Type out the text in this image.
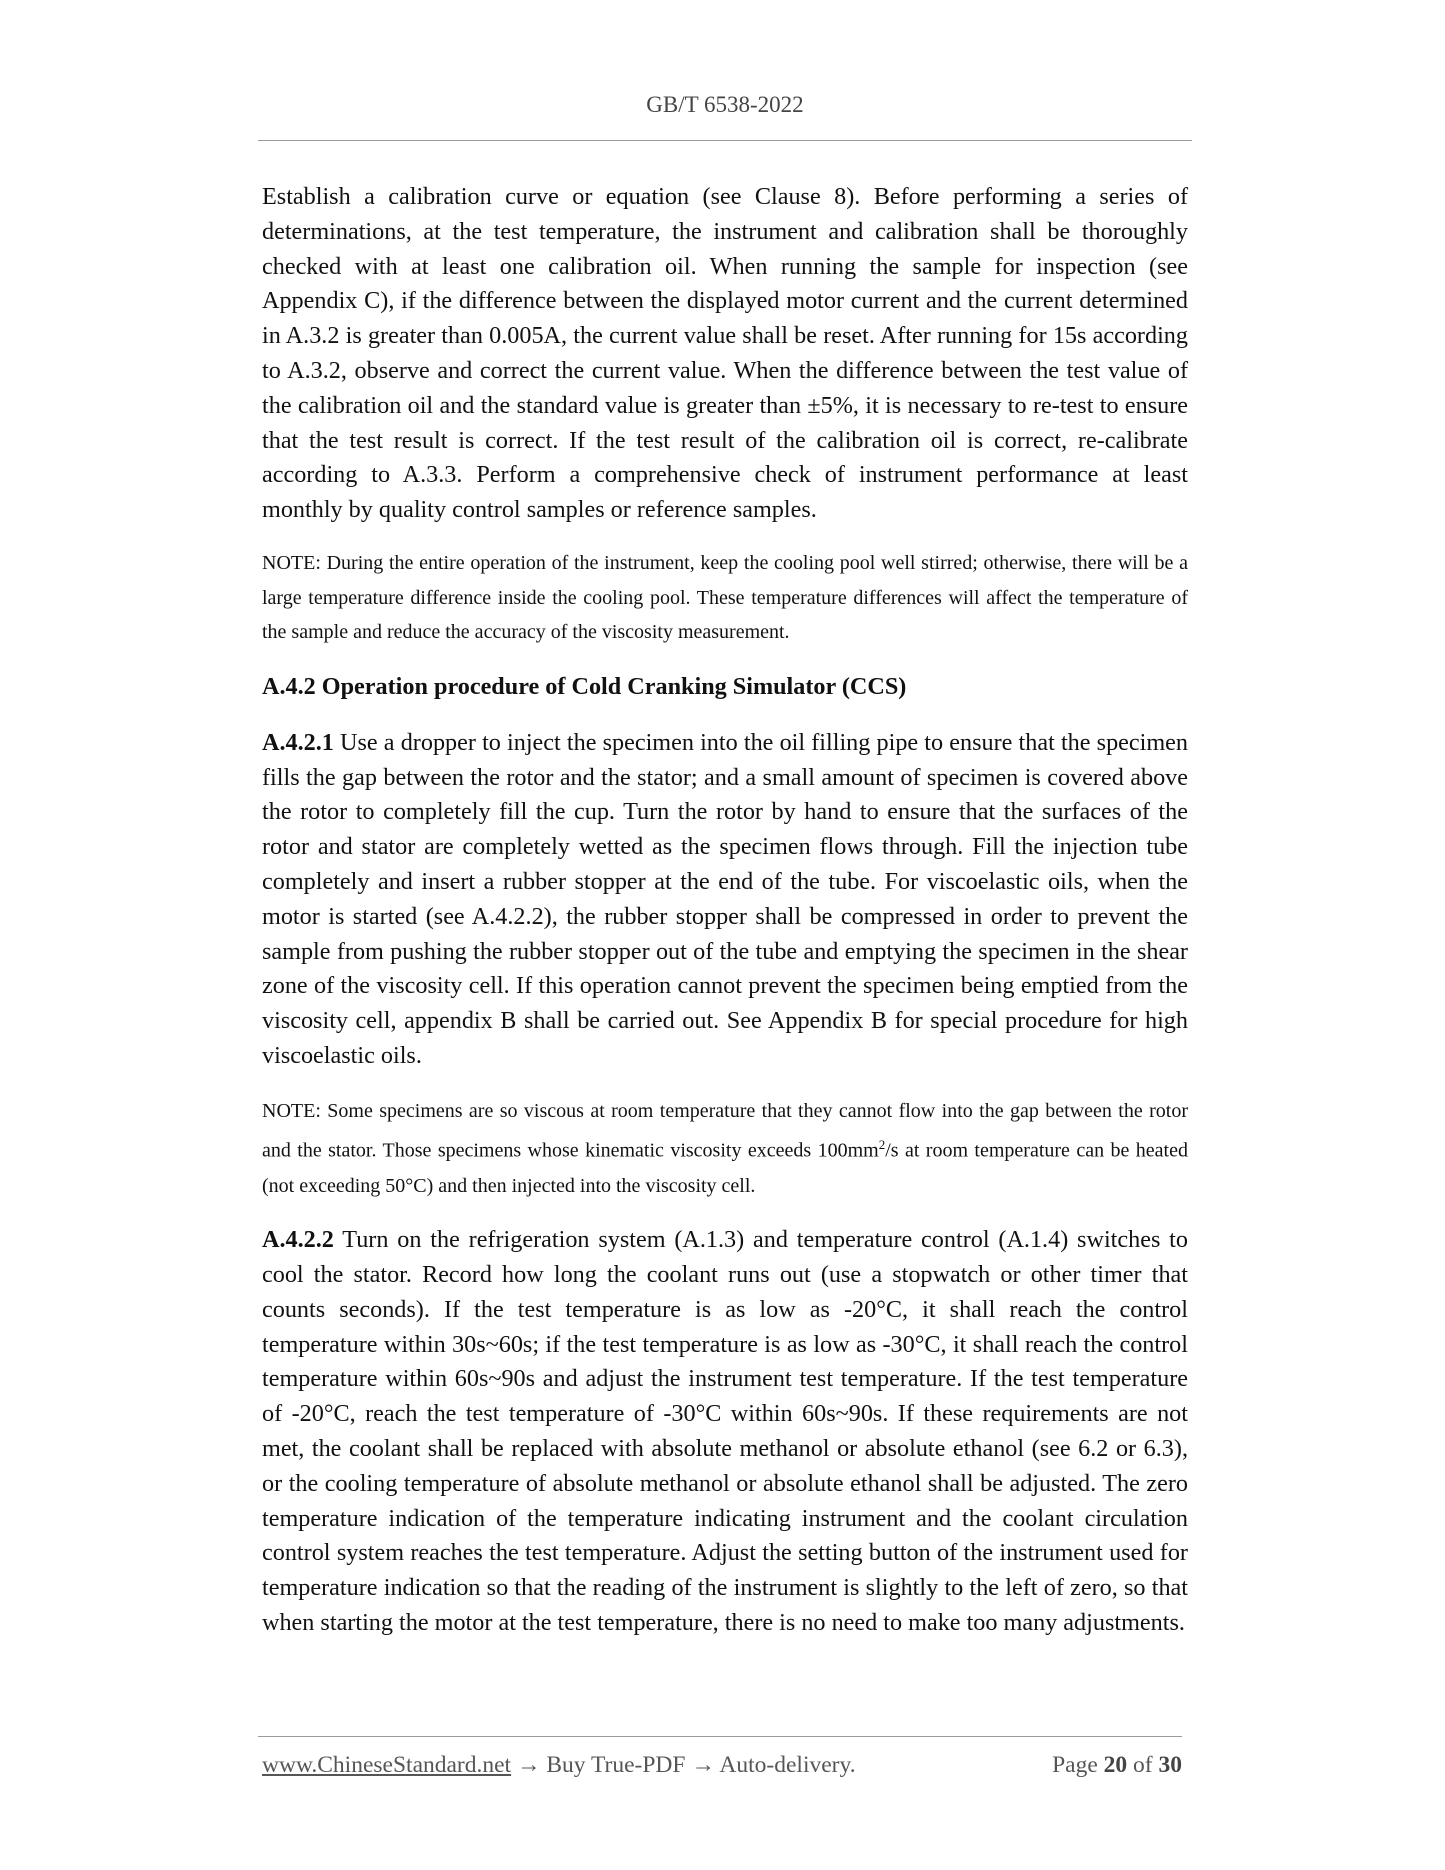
GB/T 6538-2022

Establish a calibration curve or equation (see Clause 8). Before performing a series of determinations, at the test temperature, the instrument and calibration shall be thoroughly checked with at least one calibration oil. When running the sample for inspection (see Appendix C), if the difference between the displayed motor current and the current determined in A.3.2 is greater than 0.005A, the current value shall be reset. After running for 15s according to A.3.2, observe and correct the current value. When the difference between the test value of the calibration oil and the standard value is greater than ±5%, it is necessary to re-test to ensure that the test result is correct. If the test result of the calibration oil is correct, re-calibrate according to A.3.3. Perform a comprehensive check of instrument performance at least monthly by quality control samples or reference samples.

NOTE: During the entire operation of the instrument, keep the cooling pool well stirred; otherwise, there will be a large temperature difference inside the cooling pool. These temperature differences will affect the temperature of the sample and reduce the accuracy of the viscosity measurement.

A.4.2 Operation procedure of Cold Cranking Simulator (CCS)

A.4.2.1 Use a dropper to inject the specimen into the oil filling pipe to ensure that the specimen fills the gap between the rotor and the stator; and a small amount of specimen is covered above the rotor to completely fill the cup. Turn the rotor by hand to ensure that the surfaces of the rotor and stator are completely wetted as the specimen flows through. Fill the injection tube completely and insert a rubber stopper at the end of the tube. For viscoelastic oils, when the motor is started (see A.4.2.2), the rubber stopper shall be compressed in order to prevent the sample from pushing the rubber stopper out of the tube and emptying the specimen in the shear zone of the viscosity cell. If this operation cannot prevent the specimen being emptied from the viscosity cell, appendix B shall be carried out. See Appendix B for special procedure for high viscoelastic oils.

NOTE: Some specimens are so viscous at room temperature that they cannot flow into the gap between the rotor and the stator. Those specimens whose kinematic viscosity exceeds $100mm^2/s$ at room temperature can be heated (not exceeding 50°C) and then injected into the viscosity cell.

A.4.2.2 Turn on the refrigeration system (A.1.3) and temperature control (A.1.4) switches to cool the stator. Record how long the coolant runs out (use a stopwatch or other timer that counts seconds). If the test temperature is as low as -20°C, it shall reach the control temperature within 30s~60s; if the test temperature is as low as -30°C, it shall reach the control temperature within 60s~90s and adjust the instrument test temperature. If the test temperature of -20°C, reach the test temperature of -30°C within 60s~90s. If these requirements are not met, the coolant shall be replaced with absolute methanol or absolute ethanol (see 6.2 or 6.3), or the cooling temperature of absolute methanol or absolute ethanol shall be adjusted. The zero temperature indication of the temperature indicating instrument and the coolant circulation control system reaches the test temperature. Adjust the setting button of the instrument used for temperature indication so that the reading of the instrument is slightly to the left of zero, so that when starting the motor at the test temperature, there is no need to make too many adjustments.

www.ChineseStandard.net → Buy True-PDF → Auto-delivery.	Page 20 of 30
